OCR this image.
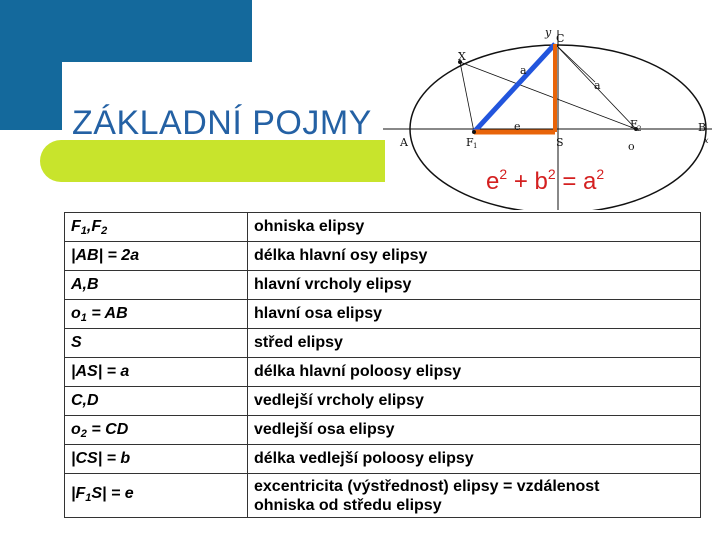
ZÁKLADNÍ POJMY
y C
X
a
a
e
A	F 1	S
F 2
o
B
x
$e^2 + b^2 = a^2$
$F_1,F_2$	ohniska elipsy
|AB| = 2a	délka hlavní osy elipsy
A,B	hlavní vrcholy elipsy
$o_1$ = AB	hlavní osa elipsy
S	střed elipsy
|AS| = a	délka hlavní poloosy elipsy
C,D	vedlejší vrcholy elipsy
$o_2$ = CD	vedlejší osa elipsy
|CS| = b	délka vedlejší poloosy elipsy
$|F_1S| = e$	excentricita (výstřednost) elipsy = vzdálenost
ohniska od středu elipsy
